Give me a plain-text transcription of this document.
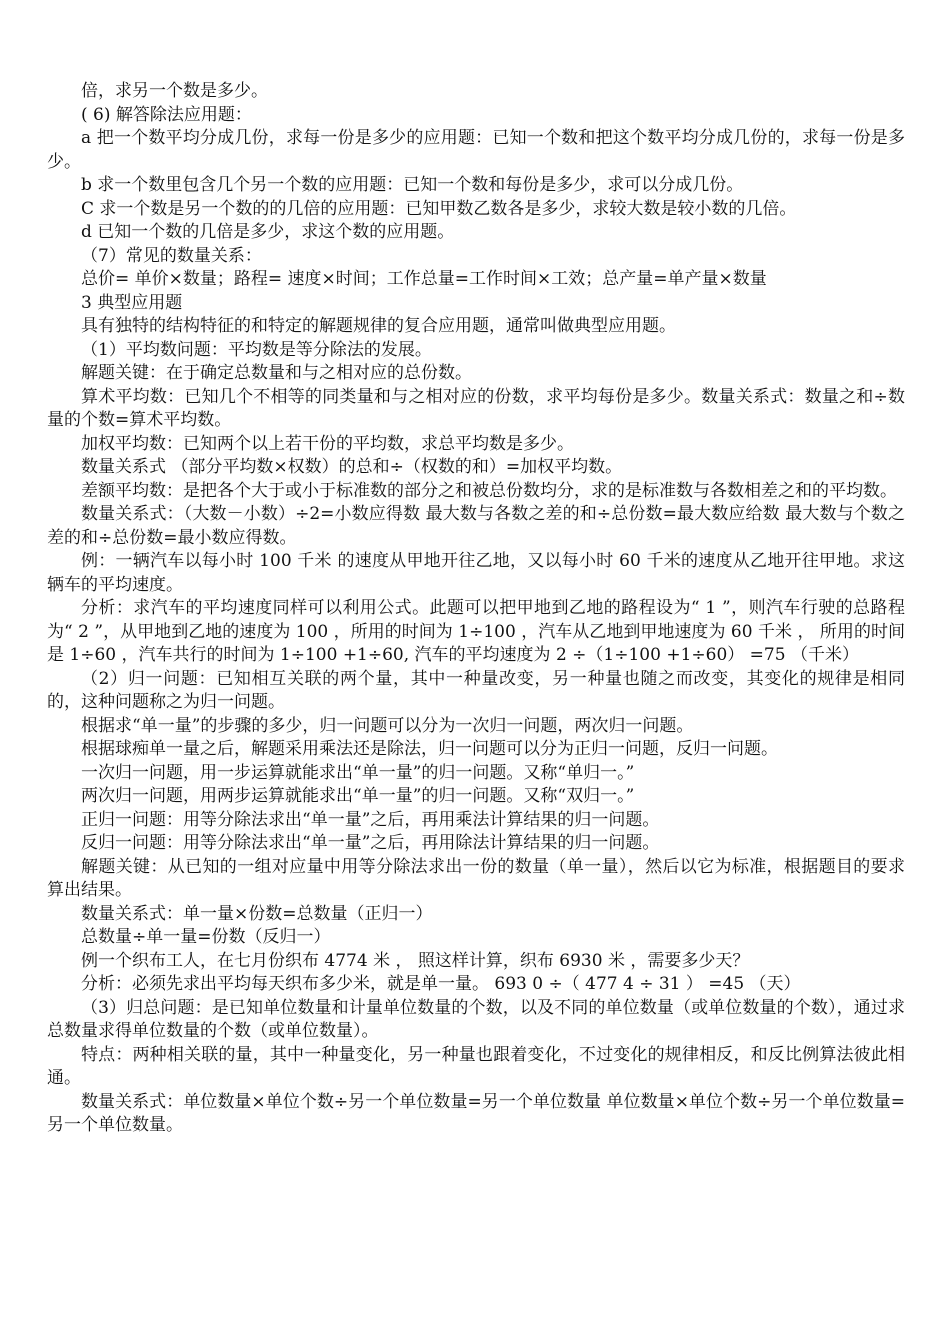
倍，求另一个数是多少。

( 6) 解答除法应用题：

a 把一个数平均分成几份，求每一份是多少的应用题：已知一个数和把这个数平均分成几份的，求每一份是多少。

b 求一个数里包含几个另一个数的应用题：已知一个数和每份是多少，求可以分成几份。

C 求一个数是另一个数的的几倍的应用题：已知甲数乙数各是多少，求较大数是较小数的几倍。

d 已知一个数的几倍是多少，求这个数的应用题。

（7）常见的数量关系：

总价= 单价×数量；路程= 速度×时间；工作总量=工作时间×工效；总产量=单产量×数量

3 典型应用题

具有独特的结构特征的和特定的解题规律的复合应用题，通常叫做典型应用题。

（1）平均数问题：平均数是等分除法的发展。

解题关键：在于确定总数量和与之相对应的总份数。

算术平均数：已知几个不相等的同类量和与之相对应的份数，求平均每份是多少。数量关系式：数量之和÷数量的个数=算术平均数。

加权平均数：已知两个以上若干份的平均数，求总平均数是多少。

数量关系式 （部分平均数×权数）的总和÷（权数的和）=加权平均数。

差额平均数：是把各个大于或小于标准数的部分之和被总份数均分，求的是标准数与各数相差之和的平均数。

数量关系式：（大数－小数）÷2=小数应得数 最大数与各数之差的和÷总份数=最大数应给数 最大数与个数之差的和÷总份数=最小数应得数。

例：一辆汽车以每小时 100 千米 的速度从甲地开往乙地，又以每小时 60 千米的速度从乙地开往甲地。求这辆车的平均速度。

分析：求汽车的平均速度同样可以利用公式。此题可以把甲地到乙地的路程设为“ 1 ”，则汽车行驶的总路程为“ 2 ”，从甲地到乙地的速度为 100 ，所用的时间为 1÷100 ，汽车从乙地到甲地速度为 60 千米 ， 所用的时间是 1÷60 ，汽车共行的时间为 1÷100 +1÷60, 汽车的平均速度为 2 ÷（1÷100 +1÷60） =75 （千米）

（2）归一问题：已知相互关联的两个量，其中一种量改变，另一种量也随之而改变，其变化的规律是相同的，这种问题称之为归一问题。

根据求“单一量”的步骤的多少，归一问题可以分为一次归一问题，两次归一问题。

根据球痴单一量之后，解题采用乘法还是除法，归一问题可以分为正归一问题，反归一问题。

一次归一问题，用一步运算就能求出“单一量”的归一问题。又称“单归一。”

两次归一问题，用两步运算就能求出“单一量”的归一问题。又称“双归一。”

正归一问题：用等分除法求出“单一量”之后，再用乘法计算结果的归一问题。

反归一问题：用等分除法求出“单一量”之后，再用除法计算结果的归一问题。

解题关键：从已知的一组对应量中用等分除法求出一份的数量（单一量），然后以它为标准，根据题目的要求算出结果。

数量关系式：单一量×份数=总数量（正归一）

总数量÷单一量=份数（反归一）

例一个织布工人，在七月份织布 4774 米 ， 照这样计算，织布 6930 米 ，需要多少天？

分析：必须先求出平均每天织布多少米，就是单一量。 693 0 ÷（ 477 4 ÷ 31 ） =45 （天）

（3）归总问题：是已知单位数量和计量单位数量的个数，以及不同的单位数量（或单位数量的个数），通过求总数量求得单位数量的个数（或单位数量）。

特点：两种相关联的量，其中一种量变化，另一种量也跟着变化，不过变化的规律相反，和反比例算法彼此相通。

数量关系式：单位数量×单位个数÷另一个单位数量=另一个单位数量 单位数量×单位个数÷另一个单位数量= 另一个单位数量。
